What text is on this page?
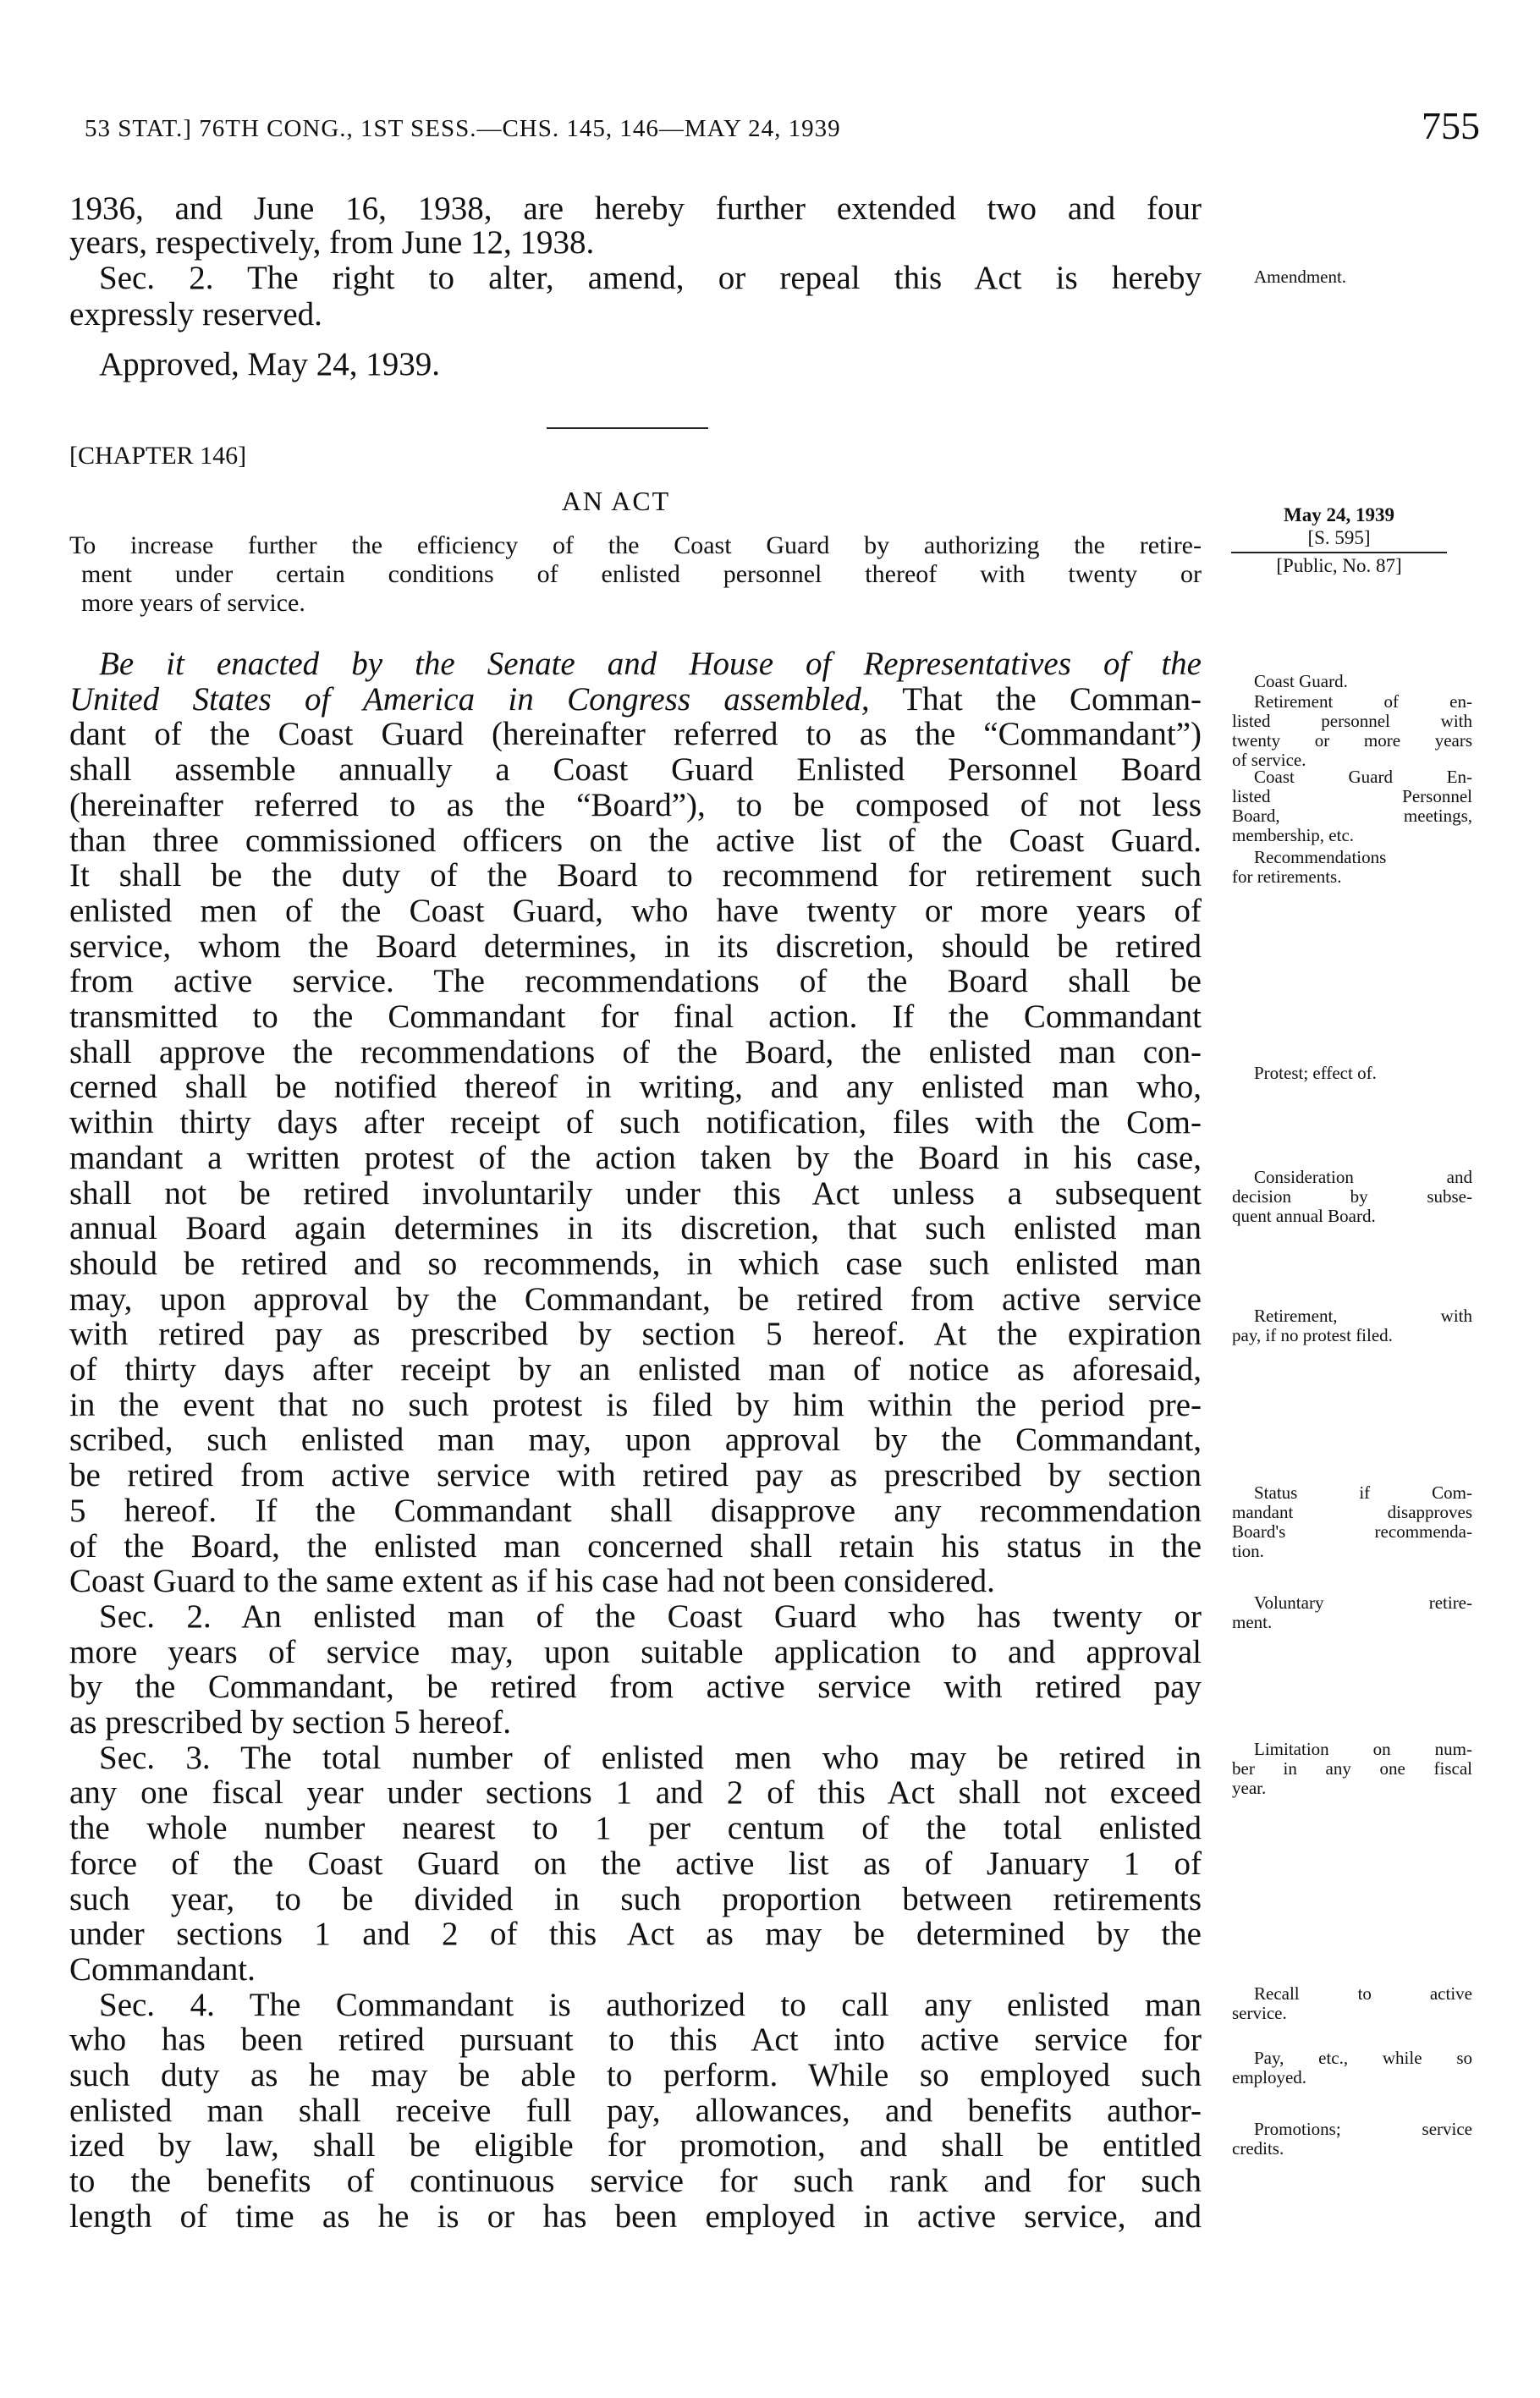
53 STAT.] 76TH CONG., 1ST SESS.—CHS. 145, 146—MAY 24, 1939	755
1936, and June 16, 1938, are hereby further extended two and four
years, respectively, from June 12, 1938.
Sec. 2. The right to alter, amend, or repeal this Act is hereby
expressly reserved.
Approved, May 24, 1939.
[CHAPTER 146]
AN ACT
To increase further the efficiency of the Coast Guard by authorizing the retire-
ment under certain conditions of enlisted personnel thereof with twenty or
more years of service.
May 24, 1939
[S. 595]
[Public, No. 87]
Be it enacted by the Senate and House of Representatives of the
United States of America in Congress assembled, That the Comman-
dant of the Coast Guard (hereinafter referred to as the “Commandant”)
shall assemble annually a Coast Guard Enlisted Personnel Board
(hereinafter referred to as the “Board”), to be composed of not less
than three commissioned officers on the active list of the Coast Guard.
It shall be the duty of the Board to recommend for retirement such
enlisted men of the Coast Guard, who have twenty or more years of
service, whom the Board determines, in its discretion, should be retired
from active service. The recommendations of the Board shall be
transmitted to the Commandant for final action. If the Commandant
shall approve the recommendations of the Board, the enlisted man con-
cerned shall be notified thereof in writing, and any enlisted man who,
within thirty days after receipt of such notification, files with the Com-
mandant a written protest of the action taken by the Board in his case,
shall not be retired involuntarily under this Act unless a subsequent
annual Board again determines in its discretion, that such enlisted man
should be retired and so recommends, in which case such enlisted man
may, upon approval by the Commandant, be retired from active service
with retired pay as prescribed by section 5 hereof. At the expiration
of thirty days after receipt by an enlisted man of notice as aforesaid,
in the event that no such protest is filed by him within the period pre-
scribed, such enlisted man may, upon approval by the Commandant,
be retired from active service with retired pay as prescribed by section
5 hereof. If the Commandant shall disapprove any recommendation
of the Board, the enlisted man concerned shall retain his status in the
Coast Guard to the same extent as if his case had not been considered.
Sec. 2. An enlisted man of the Coast Guard who has twenty or
more years of service may, upon suitable application to and approval
by the Commandant, be retired from active service with retired pay
as prescribed by section 5 hereof.
Sec. 3. The total number of enlisted men who may be retired in
any one fiscal year under sections 1 and 2 of this Act shall not exceed
the whole number nearest to 1 per centum of the total enlisted
force of the Coast Guard on the active list as of January 1 of
such year, to be divided in such proportion between retirements
under sections 1 and 2 of this Act as may be determined by the
Commandant.
Sec. 4. The Commandant is authorized to call any enlisted man
who has been retired pursuant to this Act into active service for
such duty as he may be able to perform. While so employed such
enlisted man shall receive full pay, allowances, and benefits author-
ized by law, shall be eligible for promotion, and shall be entitled
to the benefits of continuous service for such rank and for such
length of time as he is or has been employed in active service, and
Amendment.
Coast Guard.
Retirement of en-
listed personnel with
twenty or more years
of service.
Coast Guard En-
listed Personnel
Board, meetings,
membership, etc.
Recommendations
for retirements.
Protest; effect of.
Consideration and
decision by subse-
quent annual Board.
Retirement, with
pay, if no protest filed.
Status if Com-
mandant disapproves
Board's recommenda-
tion.
Voluntary retire-
ment.
Limitation on num-
ber in any one fiscal
year.
Recall to active
service.
Pay, etc., while so
employed.
Promotions; service
credits.
